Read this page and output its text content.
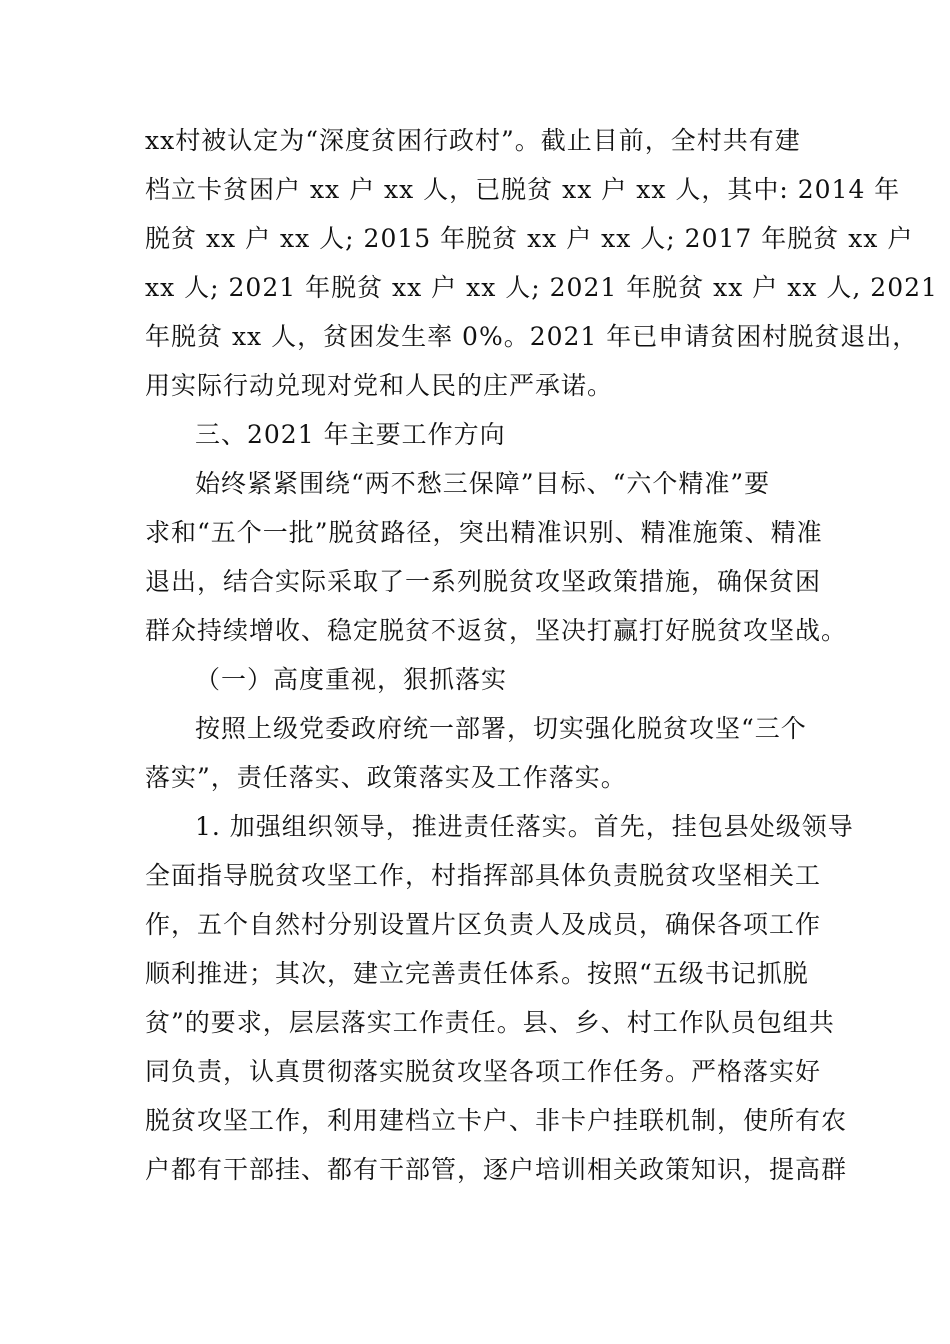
xx村被认定为“深度贫困行政村”。截止目前，全村共有建
档立卡贫困户 xx 户 xx 人，已脱贫 xx 户 xx 人，其中: 2014 年
脱贫 xx 户 xx 人; 2015 年脱贫 xx 户 xx 人; 2017 年脱贫 xx 户
xx 人; 2021 年脱贫 xx 户 xx 人; 2021 年脱贫 xx 户 xx 人, 2021
年脱贫 xx 人，贫困发生率 0%。2021 年已申请贫困村脱贫退出，
用实际行动兑现对党和人民的庄严承诺。
三、2021 年主要工作方向
始终紧紧围绕“两不愁三保障”目标、“六个精准”要
求和“五个一批”脱贫路径，突出精准识别、精准施策、精准
退出，结合实际采取了一系列脱贫攻坚政策措施，确保贫困
群众持续增收、稳定脱贫不返贫，坚决打赢打好脱贫攻坚战。
（一）高度重视，狠抓落实
按照上级党委政府统一部署，切实强化脱贫攻坚“三个
落实”，责任落实、政策落实及工作落实。
1. 加强组织领导，推进责任落实。首先，挂包县处级领导
全面指导脱贫攻坚工作，村指挥部具体负责脱贫攻坚相关工
作，五个自然村分别设置片区负责人及成员，确保各项工作
顺利推进；其次，建立完善责任体系。按照“五级书记抓脱
贫”的要求，层层落实工作责任。县、乡、村工作队员包组共
同负责，认真贯彻落实脱贫攻坚各项工作任务。严格落实好
脱贫攻坚工作，利用建档立卡户、非卡户挂联机制，使所有农
户都有干部挂、都有干部管，逐户培训相关政策知识，提高群
